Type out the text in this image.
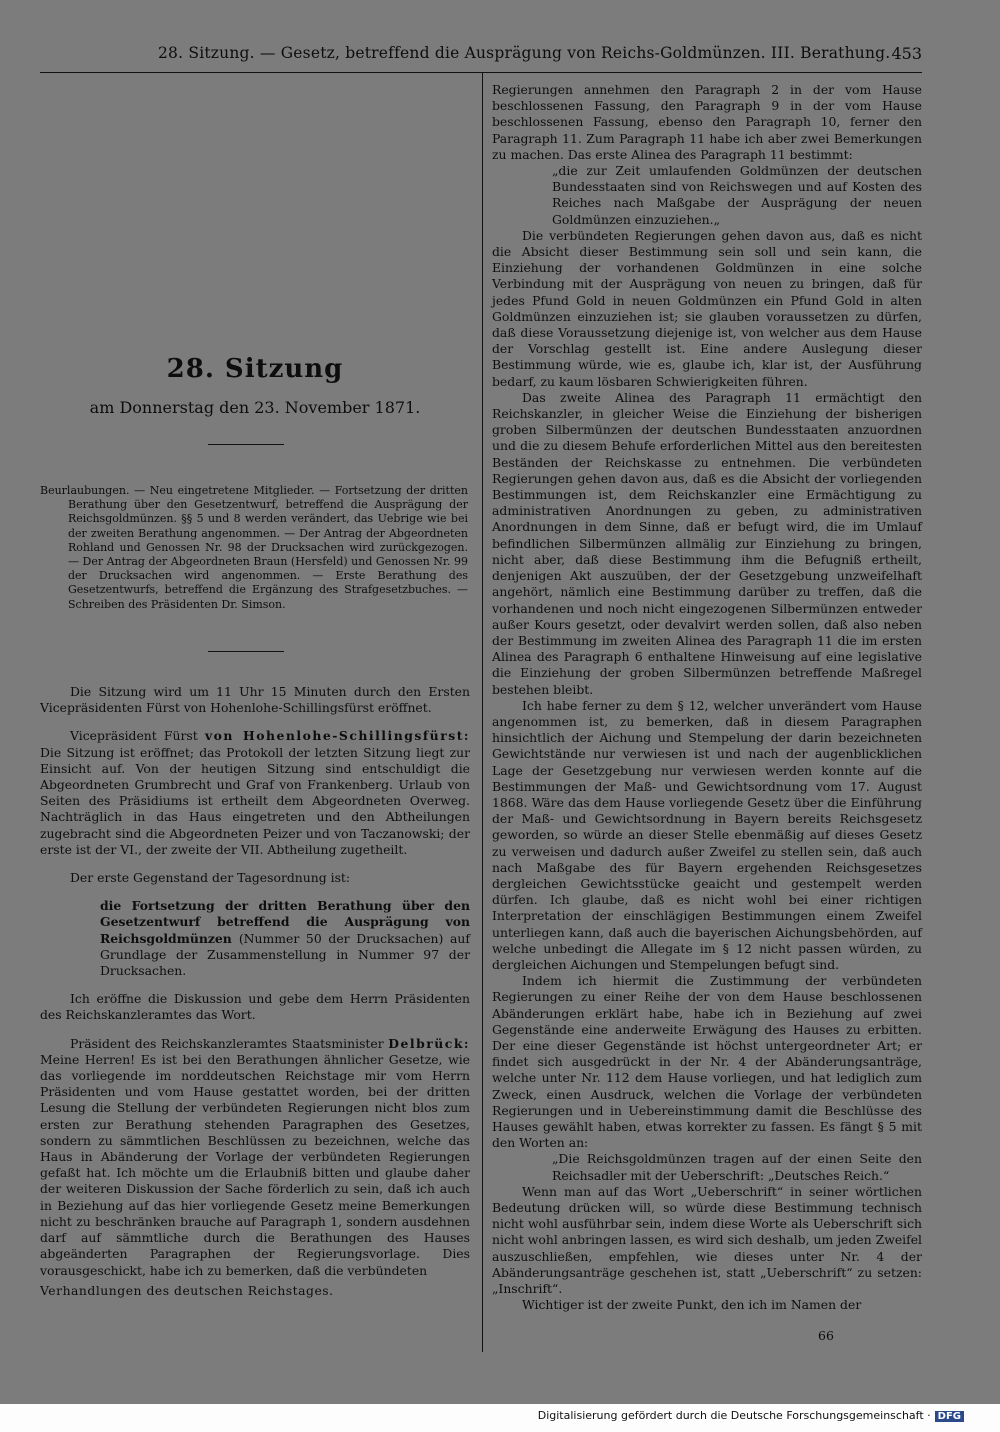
28. Sitzung. — Gesetz, betreffend die Ausprägung von Reichs-Goldmünzen. III. Berathung. 453
28. Sitzung
am Donnerstag den 23. November 1871.
Beurlaubungen. — Neu eingetretene Mitglieder. — Fortsetzung der dritten Berathung über den Gesetzentwurf, betreffend die Ausprägung der Reichsgoldmünzen. §§ 5 und 8 werden verändert, das Uebrige wie bei der zweiten Berathung angenommen. — Der Antrag der Abgeordneten Rohland und Genossen Nr. 98 der Drucksachen wird zurückgezogen. — Der Antrag der Abgeordneten Braun (Hersfeld) und Genossen Nr. 99 der Drucksachen wird angenommen. — Erste Berathung des Gesetzentwurfs, betreffend die Ergänzung des Strafgesetzbuches. — Schreiben des Präsidenten Dr. Simson.

Die Sitzung wird um 11 Uhr 15 Minuten durch den Ersten Vicepräsidenten Fürst von Hohenlohe-Schillingsfürst eröffnet.

Vicepräsident Fürst von Hohenlohe-Schillingsfürst: Die Sitzung ist eröffnet; das Protokoll der letzten Sitzung liegt zur Einsicht auf. Von der heutigen Sitzung sind entschuldigt die Abgeordneten Grumbrecht und Graf von Frankenberg. Urlaub von Seiten des Präsidiums ist ertheilt dem Abgeordneten Overweg. Nachträglich in das Haus eingetreten und den Abtheilungen zugebracht sind die Abgeordneten Peizer und von Taczanowski; der erste ist der VI., der zweite der VII. Abtheilung zugetheilt.

Der erste Gegenstand der Tagesordnung ist:

die Fortsetzung der dritten Berathung über den Gesetzentwurf betreffend die Ausprägung von Reichsgoldmünzen (Nummer 50 der Drucksachen) auf Grundlage der Zusammenstellung in Nummer 97 der Drucksachen.

Ich eröffne die Diskussion und gebe dem Herrn Präsidenten des Reichskanzleramtes das Wort.

Präsident des Reichskanzleramtes Staatsminister Delbrück: Meine Herren! Es ist bei den Berathungen ähnlicher Gesetze, wie das vorliegende im norddeutschen Reichstage mir vom Herrn Präsidenten und vom Hause gestattet worden, bei der dritten Lesung die Stellung der verbündeten Regierungen nicht blos zum ersten zur Berathung stehenden Paragraphen des Gesetzes, sondern zu sämmtlichen Beschlüssen zu bezeichnen, welche das Haus in Abänderung der Vorlage der verbündeten Regierungen gefaßt hat. Ich möchte um die Erlaubniß bitten und glaube daher der weiteren Diskussion der Sache förderlich zu sein, daß ich auch in Beziehung auf das hier vorliegende Gesetz meine Bemerkungen nicht zu beschränken brauche auf Paragraph 1, sondern ausdehnen darf auf sämmtliche durch die Berathungen des Hauses abgeänderten Paragraphen der Regierungsvorlage. Dies vorausgeschickt, habe ich zu bemerken, daß die verbündeten

Verhandlungen des deutschen Reichstages.

Regierungen annehmen den Paragraph 2 in der vom Hause beschlossenen Fassung, den Paragraph 9 in der vom Hause beschlossenen Fassung, ebenso den Paragraph 10, ferner den Paragraph 11. Zum Paragraph 11 habe ich aber zwei Bemerkungen zu machen. Das erste Alinea des Paragraph 11 bestimmt:

„die zur Zeit umlaufenden Goldmünzen der deutschen Bundesstaaten sind von Reichswegen und auf Kosten des Reiches nach Maßgabe der Ausprägung der neuen Goldmünzen einzuziehen.„

Die verbündeten Regierungen gehen davon aus, daß es nicht die Absicht dieser Bestimmung sein soll und sein kann, die Einziehung der vorhandenen Goldmünzen in eine solche Verbindung mit der Ausprägung von neuen zu bringen, daß für jedes Pfund Gold in neuen Goldmünzen ein Pfund Gold in alten Goldmünzen einzuziehen ist; sie glauben voraussetzen zu dürfen, daß diese Voraussetzung diejenige ist, von welcher aus dem Hause der Vorschlag gestellt ist. Eine andere Auslegung dieser Bestimmung würde, wie es, glaube ich, klar ist, der Ausführung bedarf, zu kaum lösbaren Schwierigkeiten führen.

Das zweite Alinea des Paragraph 11 ermächtigt den Reichskanzler, in gleicher Weise die Einziehung der bisherigen groben Silbermünzen der deutschen Bundesstaaten anzuordnen und die zu diesem Behufe erforderlichen Mittel aus den bereitesten Beständen der Reichskasse zu entnehmen. Die verbündeten Regierungen gehen davon aus, daß es die Absicht der vorliegenden Bestimmungen ist, dem Reichskanzler eine Ermächtigung zu administrativen Anordnungen zu geben, zu administrativen Anordnungen in dem Sinne, daß er befugt wird, die im Umlauf befindlichen Silbermünzen allmälig zur Einziehung zu bringen, nicht aber, daß diese Bestimmung ihm die Befugniß ertheilt, denjenigen Akt auszuüben, der der Gesetzgebung unzweifelhaft angehört, nämlich eine Bestimmung darüber zu treffen, daß die vorhandenen und noch nicht eingezogenen Silbermünzen entweder außer Kours gesetzt, oder devalvirt werden sollen, daß also neben der Bestimmung im zweiten Alinea des Paragraph 11 die im ersten Alinea des Paragraph 6 enthaltene Hinweisung auf eine legislative die Einziehung der groben Silbermünzen betreffende Maßregel bestehen bleibt.

Ich habe ferner zu dem § 12, welcher unverändert vom Hause angenommen ist, zu bemerken, daß in diesem Paragraphen hinsichtlich der Aichung und Stempelung der darin bezeichneten Gewichtstände nur verwiesen ist und nach der augenblicklichen Lage der Gesetzgebung nur verwiesen werden konnte auf die Bestimmungen der Maß- und Gewichtsordnung vom 17. August 1868. Wäre das dem Hause vorliegende Gesetz über die Einführung der Maß- und Gewichtsordnung in Bayern bereits Reichsgesetz geworden, so würde an dieser Stelle ebenmäßig auf dieses Gesetz zu verweisen und dadurch außer Zweifel zu stellen sein, daß auch nach Maßgabe des für Bayern ergehenden Reichsgesetzes dergleichen Gewichtsstücke geaicht und gestempelt werden dürfen. Ich glaube, daß es nicht wohl bei einer richtigen Interpretation der einschlägigen Bestimmungen einem Zweifel unterliegen kann, daß auch die bayerischen Aichungsbehörden, auf welche unbedingt die Allegate im § 12 nicht passen würden, zu dergleichen Aichungen und Stempelungen befugt sind.

Indem ich hiermit die Zustimmung der verbündeten Regierungen zu einer Reihe der von dem Hause beschlossenen Abänderungen erklärt habe, habe ich in Beziehung auf zwei Gegenstände eine anderweite Erwägung des Hauses zu erbitten. Der eine dieser Gegenstände ist höchst untergeordneter Art; er findet sich ausgedrückt in der Nr. 4 der Abänderungsanträge, welche unter Nr. 112 dem Hause vorliegen, und hat lediglich zum Zweck, einen Ausdruck, welchen die Vorlage der verbündeten Regierungen und in Uebereinstimmung damit die Beschlüsse des Hauses gewählt haben, etwas korrekter zu fassen. Es fängt § 5 mit den Worten an:

„Die Reichsgoldmünzen tragen auf der einen Seite den Reichsadler mit der Ueberschrift: „Deutsches Reich.“

Wenn man auf das Wort „Ueberschrift“ in seiner wörtlichen Bedeutung drücken will, so würde diese Bestimmung technisch nicht wohl ausführbar sein, indem diese Worte als Ueberschrift sich nicht wohl anbringen lassen, es wird sich deshalb, um jeden Zweifel auszuschließen, empfehlen, wie dieses unter Nr. 4 der Abänderungsanträge geschehen ist, statt „Ueberschrift“ zu setzen: „Inschrift“.

Wichtiger ist der zweite Punkt, den ich im Namen der

66
Digitalisierung gefördert durch die Deutsche Forschungsgemeinschaft · DFG
